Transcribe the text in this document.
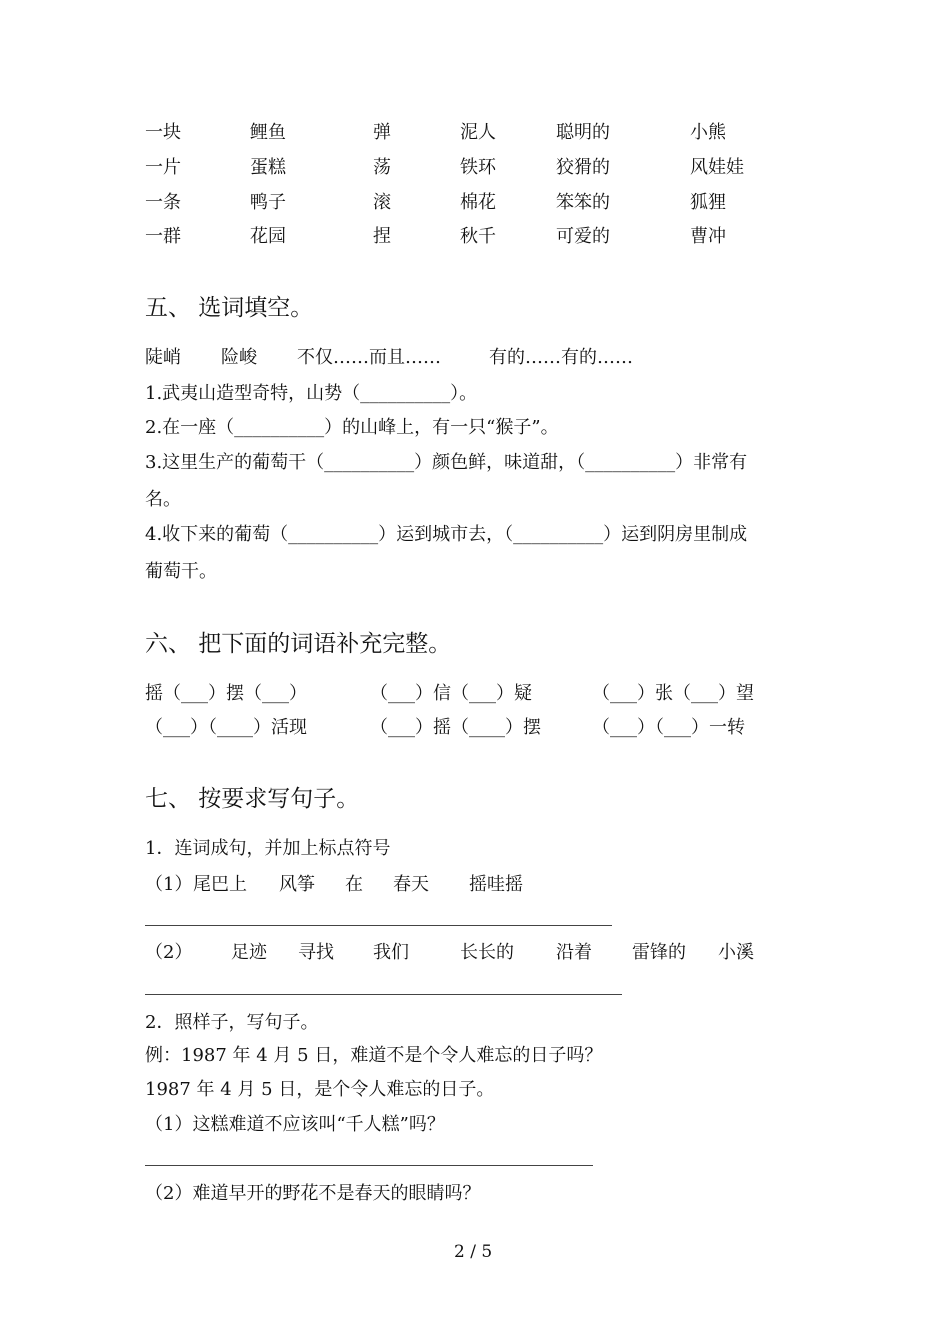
一块	鲤鱼	弹	泥人	聪明的	小熊
一片	蛋糕	荡	铁环	狡猾的	风娃娃
一条	鸭子	滚	棉花	笨笨的	狐狸
一群	花园	捏	秋千	可爱的	曹冲
五、 选词填空。
陡峭 险峻 不仅……而且……	有的……有的……
1.武夷山造型奇特，山势（__________）。
2.在一座（__________）的山峰上，有一只“猴子”。
3.这里生产的葡萄干（__________）颜色鲜，味道甜，（__________）非常有
名。
4.收下来的葡萄（__________）运到城市去，（__________）运到阴房里制成
葡萄干。
六、 把下面的词语补充完整。
摇（___）摆（___）	（___）信（___）疑	（___）张（___）望
（___）（____）活现	（___）摇（____）摆	（___）（___）一转
七、 按要求写句子。
1．连词成句，并加上标点符号
（1） 尾巴上 风筝 在 春天 摇哇摇
（2） 足迹 寻找 我们	长长的 沿着 雷锋的 小溪
2．照样子，写句子。
例：1987 年 4 月 5 日，难道不是个令人难忘的日子吗？
1987 年 4 月 5 日，是个令人难忘的日子。
（1）这糕难道不应该叫“千人糕”吗？
（2）难道早开的野花不是春天的眼睛吗？
2 / 5
